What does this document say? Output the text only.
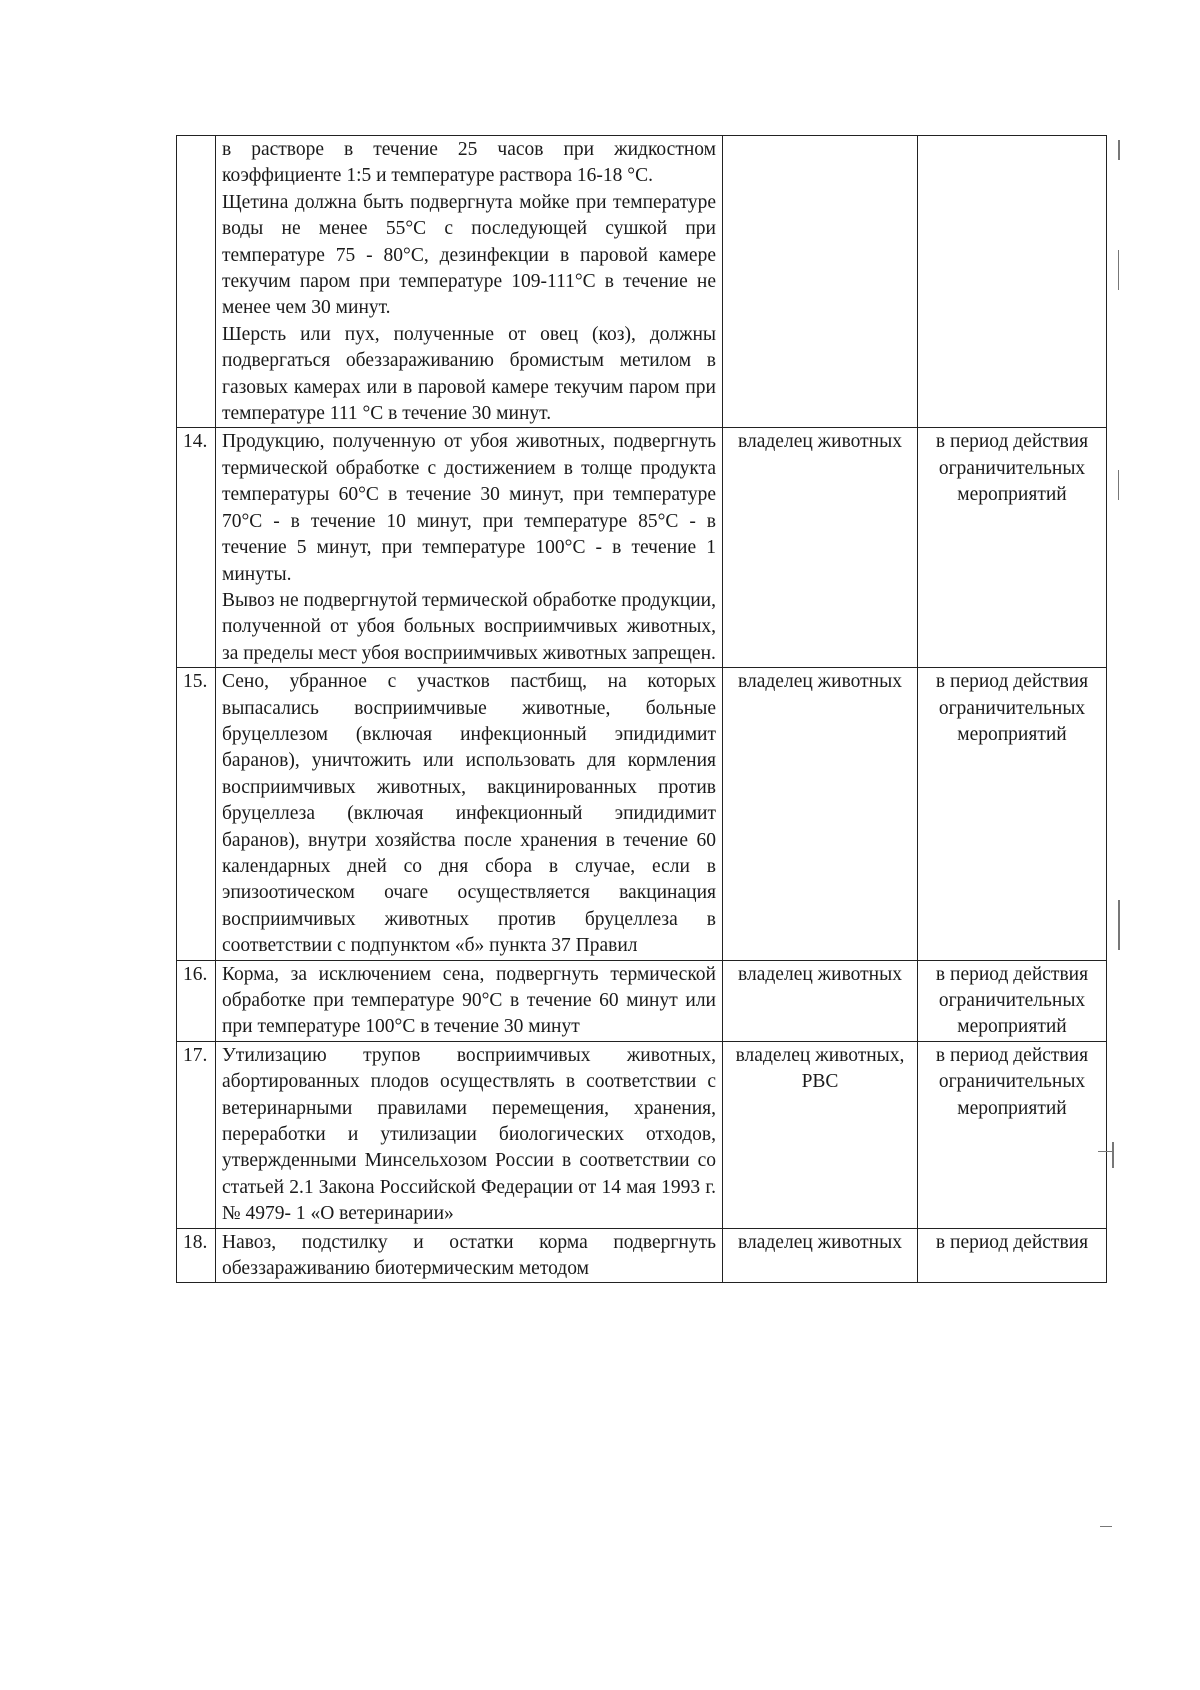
	в растворе в течение 25 часов при жидкостном коэффициенте 1:5 и температуре раствора 16-18 °С.

Щетина должна быть подвергнута мойке при температуре воды не менее 55°С с последующей сушкой при температуре 75 - 80°С, дезинфекции в паровой камере текучим паром при температуре 109-111°С в течение не менее чем 30 минут.

Шерсть или пух, полученные от овец (коз), должны подвергаться обеззараживанию бромистым метилом в газовых камерах или в паровой камере текучим паром при температуре 111 °С в течение 30 минут.		

14.	Продукцию, полученную от убоя животных, подвергнуть термической обработке с достижением в толще продукта температуры 60°С в течение 30 минут, при температуре 70°С - в течение 10 минут, при температуре 85°С - в течение 5 минут, при температуре 100°С - в течение 1 минуты.

Вывоз не подвергнутой термической обработке продукции, полученной от убоя больных восприимчивых животных, за пределы мест убоя восприимчивых животных запрещен.	владелец животных	в период действия ограничительных мероприятий
15.	Сено, убранное с участков пастбищ, на которых выпасались восприимчивые животные, больные бруцеллезом (включая инфекционный эпидидимит баранов), уничтожить или использовать для кормления восприимчивых животных, вакцинированных против бруцеллеза (включая инфекционный эпидидимит баранов), внутри хозяйства после хранения в течение 60 календарных дней со дня сбора в случае, если в эпизоотическом очаге осуществляется вакцинация восприимчивых животных против бруцеллеза в соответствии с подпунктом «б» пункта 37 Правил	владелец животных	в период действия ограничительных мероприятий
16.	Корма, за исключением сена, подвергнуть термической обработке при температуре 90°С в течение 60 минут или при температуре 100°С в течение 30 минут	владелец животных	в период действия ограничительных мероприятий
17.	Утилизацию трупов восприимчивых животных, абортированных плодов осуществлять в соответствии с ветеринарными правилами перемещения, хранения, переработки и утилизации биологических отходов, утвержденными Минсельхозом России в соответствии со статьей 2.1 Закона Российской Федерации от 14 мая 1993 г. № 4979- 1 «О ветеринарии»	владелец животных, РВС	в период действия ограничительных мероприятий
18.	Навоз, подстилку и остатки корма подвергнуть обеззараживанию биотермическим методом	владелец животных	в период действия
